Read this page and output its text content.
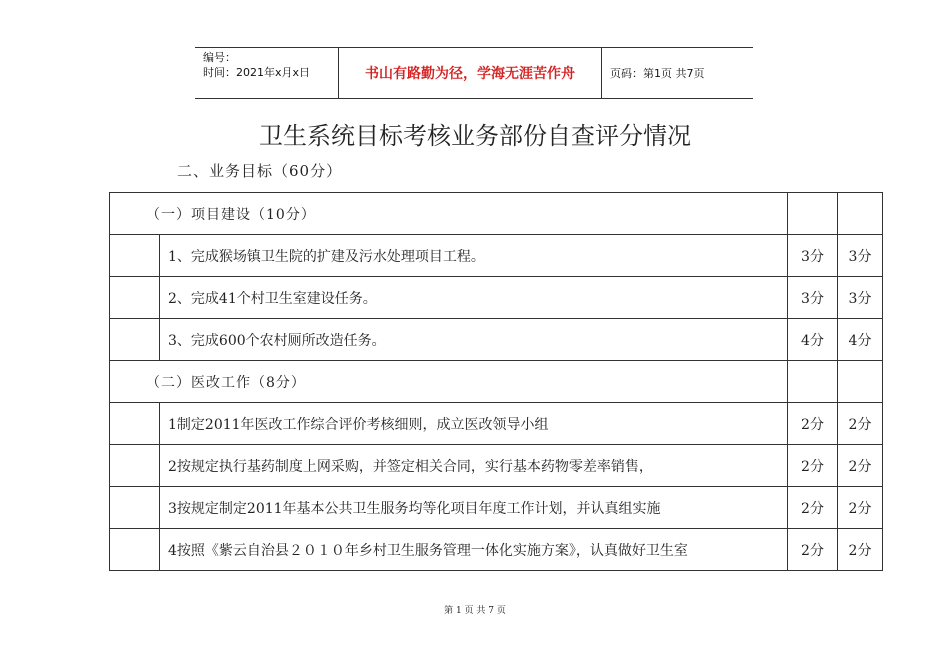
编号：
时间：2021年x月x日	书山有路勤为径，学海无涯苦作舟	页码：第1页 共7页
卫生系统目标考核业务部份自查评分情况
二、业务目标（60分）
（一）项目建设（10分）			
	1、完成猴场镇卫生院的扩建及污水处理项目工程。	3分	3分
	2、完成41个村卫生室建设任务。	3分	3分
	3、完成600个农村厕所改造任务。	4分	4分
（二）医改工作（8分）			
	1制定2011年医改工作综合评价考核细则，成立医改领导小组	2分	2分
	2按规定执行基药制度上网采购，并签定相关合同，实行基本药物零差率销售，	2分	2分
	3按规定制定2011年基本公共卫生服务均等化项目年度工作计划，并认真组实施	2分	2分
	4按照《紫云自治县２０１０年乡村卫生服务管理一体化实施方案》，认真做好卫生室	2分	2分
第 1 页 共 7 页
